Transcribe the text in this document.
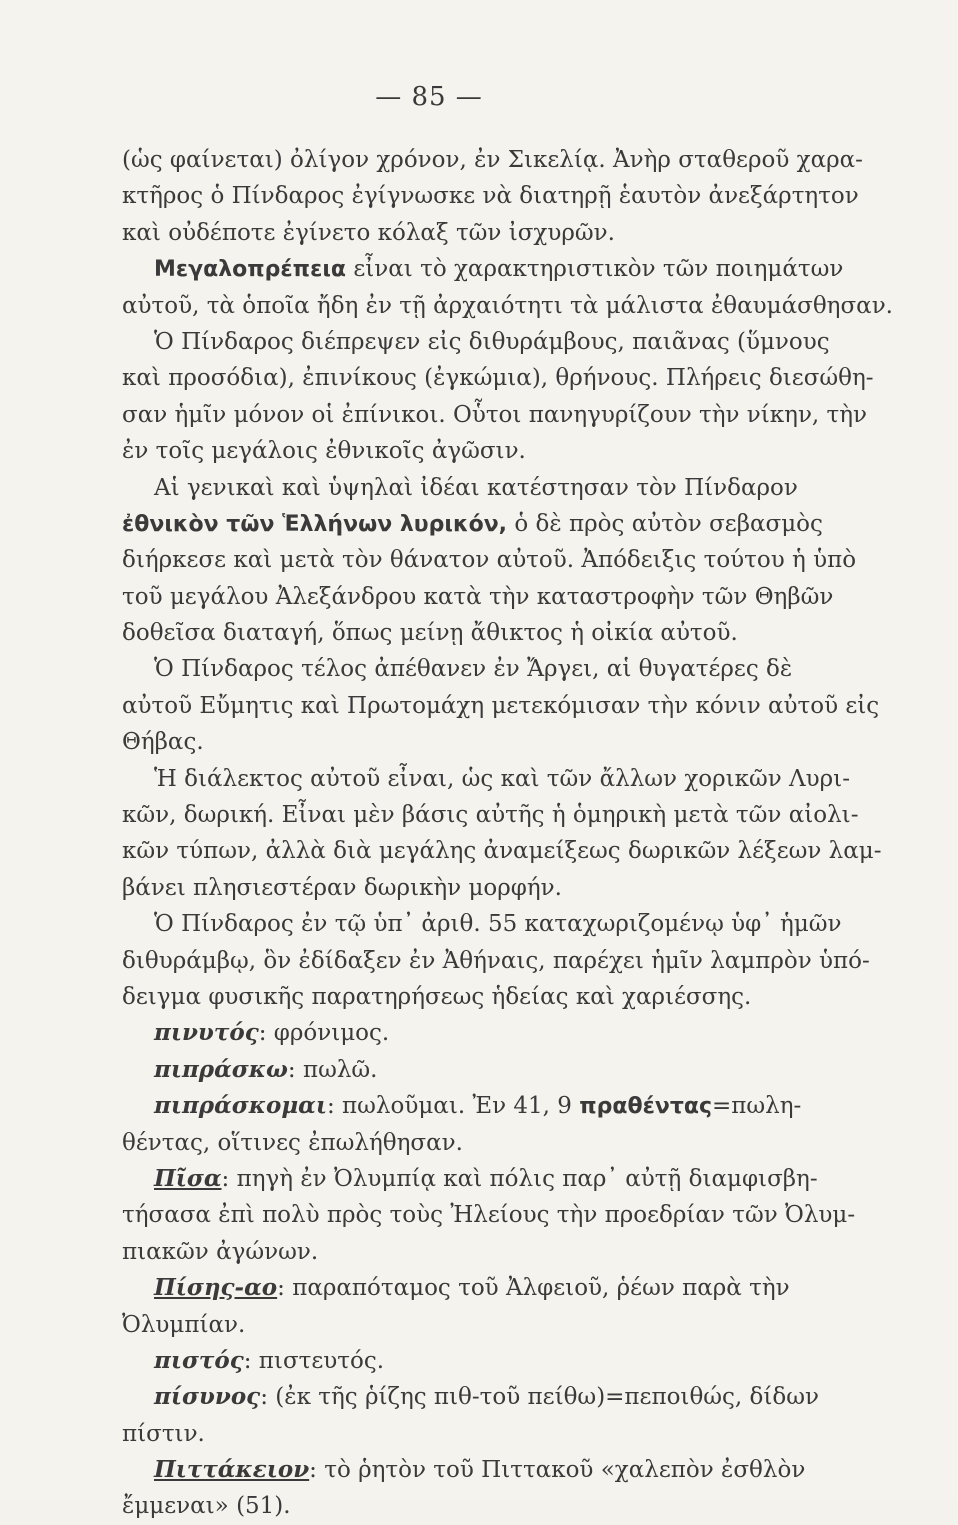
— 85 —
(ὡς φαίνεται) ὀλίγον χρόνον, ἐν Σικελίᾳ. Ἀνὴρ σταθεροῦ χαρα-
κτῆρος ὁ Πίνδαρος ἐγίγνωσκε νὰ διατηρῇ ἑαυτὸν ἀνεξάρτητον
καὶ οὐδέποτε ἐγίνετο κόλαξ τῶν ἰσχυρῶν.
Μεγαλοπρέπεια εἶναι τὸ χαρακτηριστικὸν τῶν ποιημάτων
αὐτοῦ, τὰ ὁποῖα ἤδη ἐν τῇ ἀρχαιότητι τὰ μάλιστα ἐθαυμάσθησαν.
Ὁ Πίνδαρος διέπρεψεν εἰς διθυράμβους, παιᾶνας (ὕμνους
καὶ προσόδια), ἐπινίκους (ἐγκώμια), θρήνους. Πλήρεις διεσώθη-
σαν ἡμῖν μόνον οἱ ἐπίνικοι. Οὗτοι πανηγυρίζουν τὴν νίκην, τὴν
ἐν τοῖς μεγάλοις ἐθνικοῖς ἀγῶσιν.
Αἱ γενικαὶ καὶ ὑψηλαὶ ἰδέαι κατέστησαν τὸν Πίνδαρον
ἐθνικὸν τῶν Ἑλλήνων λυρικόν, ὁ δὲ πρὸς αὐτὸν σεβασμὸς
διήρκεσε καὶ μετὰ τὸν θάνατον αὐτοῦ. Ἀπόδειξις τούτου ἡ ὑπὸ
τοῦ μεγάλου Ἀλεξάνδρου κατὰ τὴν καταστροφὴν τῶν Θηβῶν
δοθεῖσα διαταγή, ὅπως μείνῃ ἄθικτος ἡ οἰκία αὐτοῦ.
Ὁ Πίνδαρος τέλος ἀπέθανεν ἐν Ἄργει, αἱ θυγατέρες δὲ
αὐτοῦ Εὔμητις καὶ Πρωτομάχη μετεκόμισαν τὴν κόνιν αὐτοῦ εἰς
Θήβας.
Ἡ διάλεκτος αὐτοῦ εἶναι, ὡς καὶ τῶν ἄλλων χορικῶν Λυρι-
κῶν, δωρική. Εἶναι μὲν βάσις αὐτῆς ἡ ὁμηρικὴ μετὰ τῶν αἰολι-
κῶν τύπων, ἀλλὰ διὰ μεγάλης ἀναμείξεως δωρικῶν λέξεων λαμ-
βάνει πλησιεστέραν δωρικὴν μορφήν.
Ὁ Πίνδαρος ἐν τῷ ὑπ᾽ ἀριθ. 55 καταχωριζομένῳ ὑφ᾽ ἡμῶν
διθυράμβῳ, ὃν ἐδίδαξεν ἐν Ἀθήναις, παρέχει ἡμῖν λαμπρὸν ὑπό-
δειγμα φυσικῆς παρατηρήσεως ἡδείας καὶ χαριέσσης.
πινυτός: φρόνιμος.
πιπράσκω: πωλῶ.
πιπράσκομαι: πωλοῦμαι. Ἐν 41, 9 πραθέντας=πωλη-
θέντας, οἵτινες ἐπωλήθησαν.
Πῖσα: πηγὴ ἐν Ὀλυμπίᾳ καὶ πόλις παρ᾽ αὐτῇ διαμφισβη-
τήσασα ἐπὶ πολὺ πρὸς τοὺς Ἠλείους τὴν προεδρίαν τῶν Ὀλυμ-
πιακῶν ἀγώνων.
Πίσης-αο: παραπόταμος τοῦ Ἀλφειοῦ, ῥέων παρὰ τὴν
Ὀλυμπίαν.
πιστός: πιστευτός.
πίσυνος: (ἐκ τῆς ῥίζης πιθ-τοῦ πείθω)=πεποιθώς, δίδων
πίστιν.
Πιττάκειον: τὸ ῥητὸν τοῦ Πιττακοῦ «χαλεπὸν ἐσθλὸν
ἔμμεναι» (51).
